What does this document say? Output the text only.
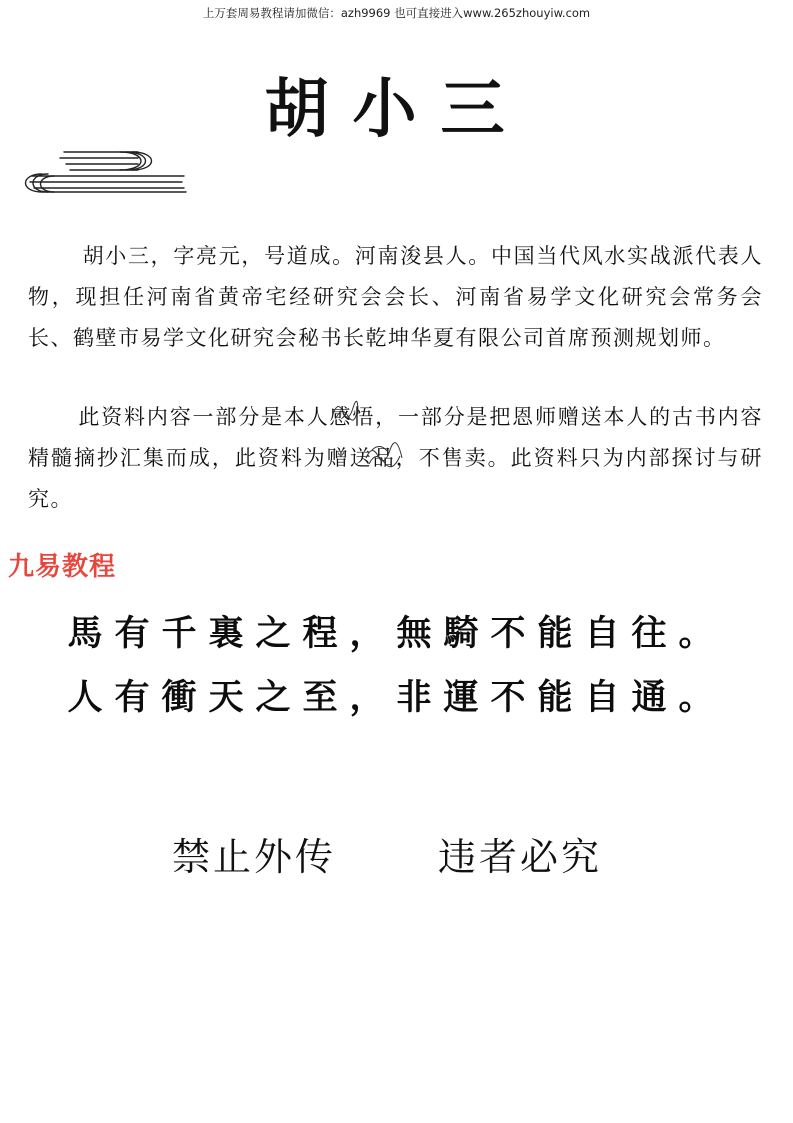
上万套周易教程请加微信：azh9969 也可直接进入www.265zhouyiw.com
胡小三

胡小三，字亮元，号道成。河南浚县人。中国当代风水实战派代表人物，现担任河南省黄帝宅经研究会会长、河南省易学文化研究会常务会长、鹤壁市易学文化研究会秘书长乾坤华夏有限公司首席预测规划师。

此资料内容一部分是本人感悟，一部分是把恩师赠送本人的古书内容精髓摘抄汇集而成，此资料为赠送品，不售卖。此资料只为内部探讨与研究。

九易教程
馬有千裏之程，無騎不能自往。
人有衝天之至，非運不能自通。
禁止外传	违者必究
